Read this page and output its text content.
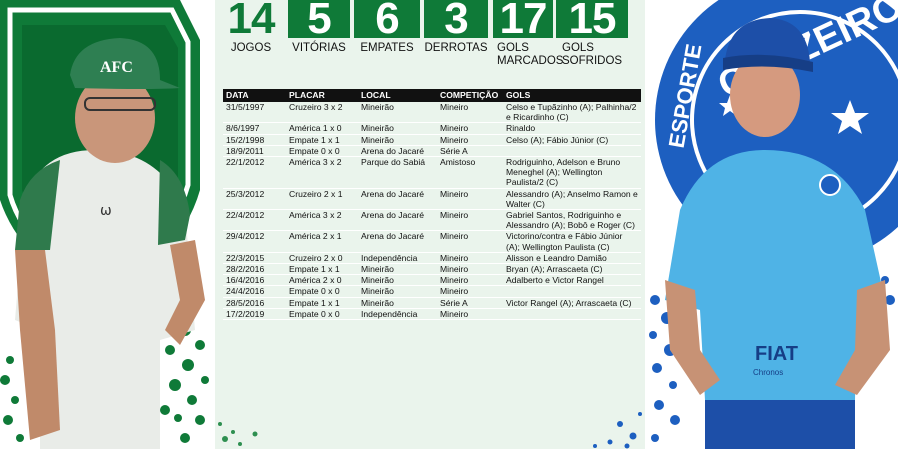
AFC
ω
14
JOGOS
5
VITÓRIAS
6
EMPATES
3
DERROTAS
17
GOLS MARCADOS
15
GOLS SOFRIDOS
DATA	PLACAR	LOCAL	COMPETIÇÃO	GOLS
31/5/1997	Cruzeiro 3 x 2	Mineirão	Mineiro	Celso e Tupãzinho (A); Palhinha/2 e Ricardinho (C)
8/6/1997	América 1 x 0	Mineirão	Mineiro	Rinaldo
15/2/1998	Empate 1 x 1	Mineirão	Mineiro	Celso (A); Fábio Júnior (C)
18/9/2011	Empate 0 x 0	Arena do Jacaré	Série A	
22/1/2012	América 3 x 2	Parque do Sabiá	Amistoso	Rodriguinho, Adelson e Bruno Meneghel (A); Wellington Paulista/2 (C)
25/3/2012	Cruzeiro 2 x 1	Arena do Jacaré	Mineiro	Alessandro (A); Anselmo Ramon e Walter (C)
22/4/2012	América 3 x 2	Arena do Jacaré	Mineiro	Gabriel Santos, Rodriguinho e Alessandro (A); Bobô e Roger (C)
29/4/2012	América 2 x 1	Arena do Jacaré	Mineiro	Victorino/contra e Fábio Júnior (A); Wellington Paulista (C)
22/3/2015	Cruzeiro 2 x 0	Independência	Mineiro	Alisson e Leandro Damião
28/2/2016	Empate 1 x 1	Mineirão	Mineiro	Bryan (A); Arrascaeta (C)
16/4/2016	América 2 x 0	Mineirão	Mineiro	Adalberto e Victor Rangel
24/4/2016	Empate 0 x 0	Mineirão	Mineiro	
28/5/2016	Empate 1 x 1	Mineirão	Série A	Victor Rangel (A); Arrascaeta (C)
17/2/2019	Empate 0 x 0	Independência	Mineiro	
ESPORTE
FIAT
Chronos
